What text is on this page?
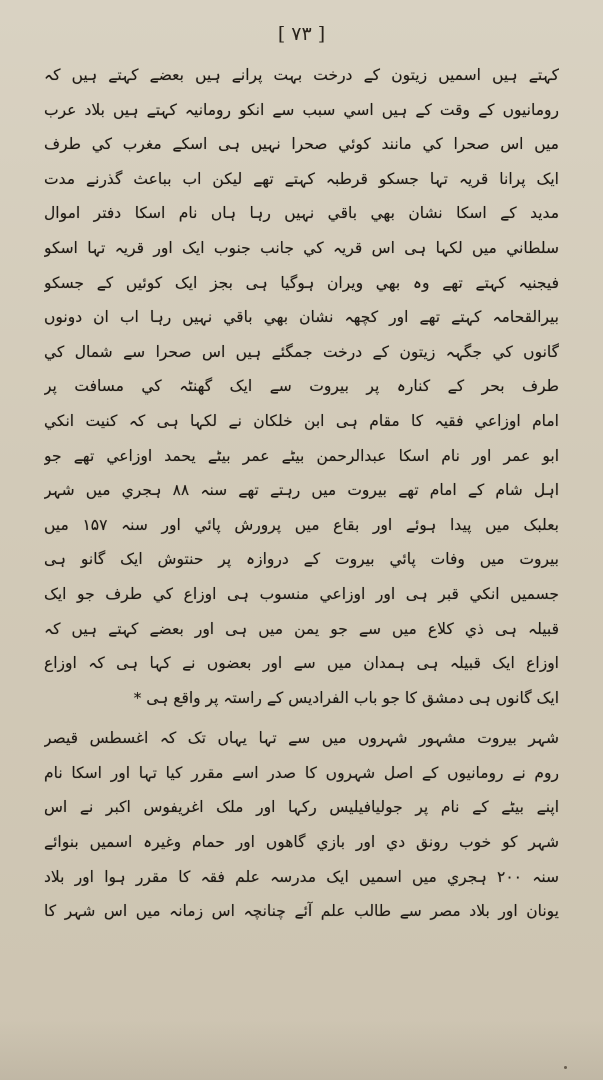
[ ٧٣ ]
کہتے ہیں اسمیں زیتون کے درخت بہت پرانے ہیں بعضے کہتے ہیں کہ
رومانیوں کے وقت کے ہیں اسي سبب سے انکو رومانیہ کہتے ہیں بلاد عرب
میں اس صحرا کي مانند کوئي صحرا نہیں ہی اسکے مغرب کي طرف
ایک پرانا قریہ تہا جسکو قرطبہ کہتے تھے لیکن اب بباعث گذرنے مدت
مدید کے اسکا نشان بهي باقي نہیں رہا ہاں نام اسکا دفتر اموال
سلطاني میں لکہا ہی اس قریہ کي جانب جنوب ایک اور قریہ تہا اسکو
فیجنیہ کہتے تھے وہ بهي ویران ہوگیا ہی بجز ایک کوئیں کے جسکو
بیرالقحامہ کہتے تھے اور کچھہ نشان بهي باقي نہیں رہا اب ان دونوں
گانوں کي جگہہ زیتون کے درخت جمگئے ہیں اس صحرا سے شمال کي
طرف بحر کے کنارہ پر بیروت سے ایک گھنٹہ کي مسافت پر
امام اوزاعي فقیہ کا مقام ہی ابن خلکان نے لکہا ہی کہ کنیت انکي
ابو عمر اور نام اسکا عبدالرحمن بیٹے عمر بیٹے یحمد اوزاعي تھے جو
اہل شام کے امام تھے بیروت میں رہتے تھے سنہ ۸۸ ہجري میں شہر
بعلبک میں پیدا ہوئے اور بقاع میں پرورش پائي اور سنہ ۱۵۷ میں
بیروت میں وفات پائي بیروت کے دروازہ پر حنتوش ایک گانو ہی
جسمیں انکي قبر ہی اور اوزاعي منسوب ہی اوزاع کي طرف جو ایک
قبیلہ ہی ذي کلاع میں سے جو یمن میں ہی اور بعضے کہتے ہیں کہ
اوزاع ایک قبیلہ ہی ہمدان میں سے اور بعضوں نے کہا ہی کہ اوزاع
ایک گانوں ہی دمشق کا جو باب الفرادیس کے راستہ پر واقع ہی *
شہر بیروت مشہور شہروں میں سے تہا یہاں تک کہ اغسطس قیصر
روم نے رومانیوں کے اصل شہروں کا صدر اسے مقرر کیا تہا اور اسکا نام
اپنے بیٹے کے نام پر جولیافیلیس رکہا اور ملک اغریفوس اکبر نے اس
شہر کو خوب رونق دي اور بازي گاهوں اور حمام وغیرہ اسمیں بنوائے
سنہ ۲۰۰ ہجري میں اسمیں ایک مدرسہ علم فقہ کا مقرر ہوا اور بلاد
یونان اور بلاد مصر سے طالب علم آئے چنانچہ اس زمانہ میں اس شہر کا
